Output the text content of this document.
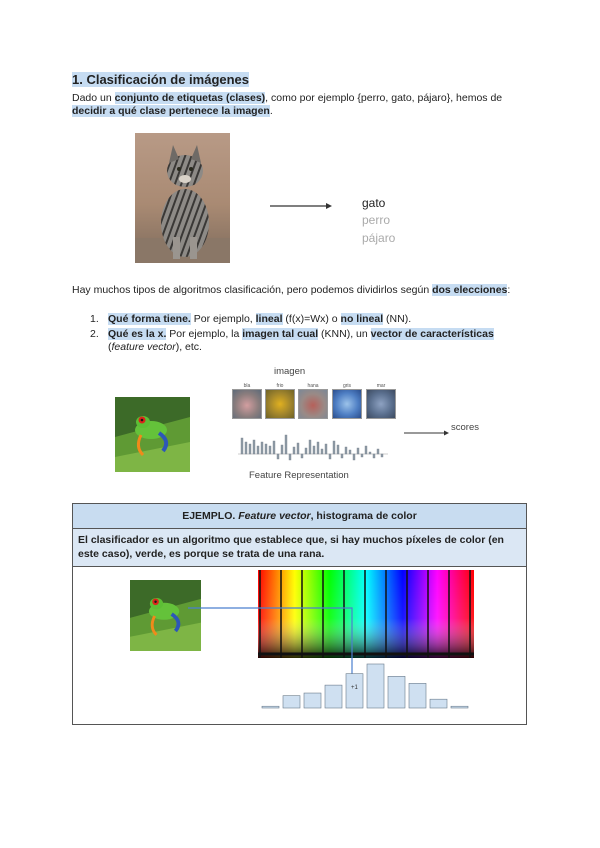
1. Clasificación de imágenes
Dado un conjunto de etiquetas (clases), como por ejemplo {perro, gato, pájaro}, hemos de
decidir a qué clase pertenece la imagen.
gato
perro
pájaro
Hay muchos tipos de algoritmos clasificación, pero podemos dividirlos según dos elecciones:
1. Qué forma tiene. Por ejemplo, lineal (f(x)=Wx) o no lineal (NN).
2. Qué es la x. Por ejemplo, la imagen tal cual (KNN), un vector de características
(feature vector), etc.
imagen
bla	frio	hana	gris	mar
Feature Representation
scores
EJEMPLO. Feature vector, histograma de color
El clasificador es un algoritmo que establece que, si hay muchos píxeles de color (en este caso), verde, es porque se trata de una rana.
+1
